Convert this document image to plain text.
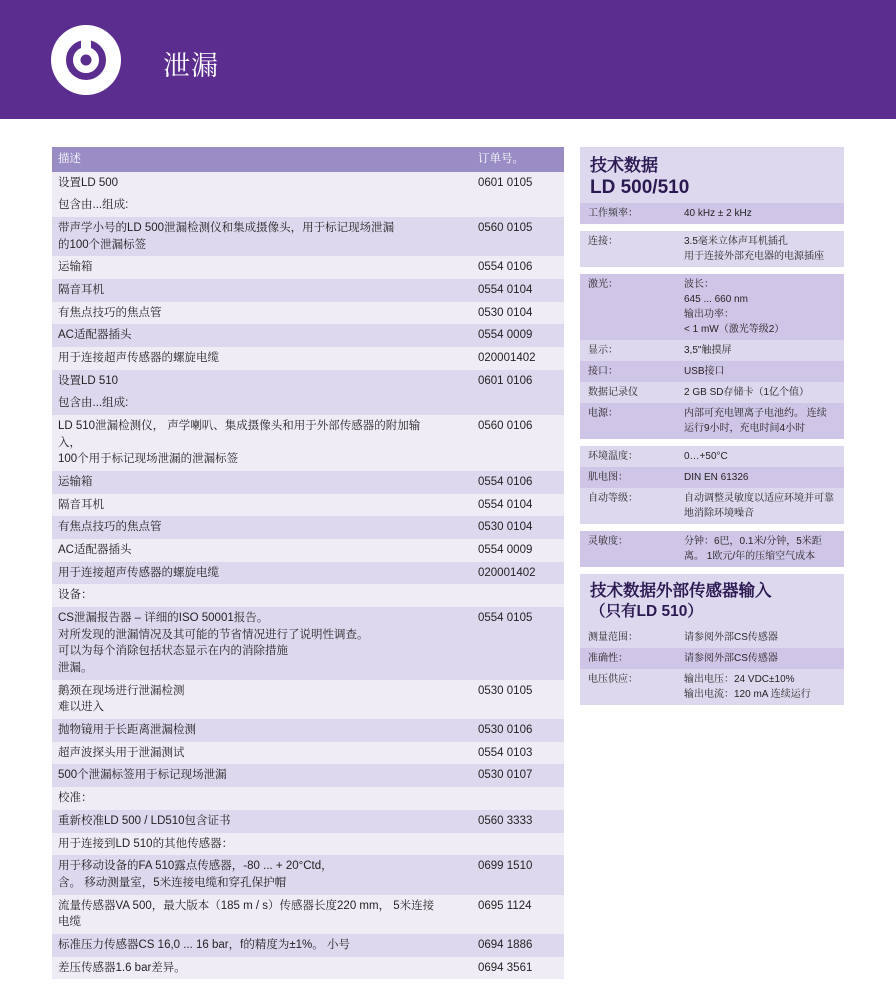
泄漏
描述	订单号。
设置LD 500	0601 0105
包含由...组成:	
带声学小号的LD 500泄漏检测仪和集成摄像头，用于标记现场泄漏
的100个泄漏标签	0560 0105
运输箱	0554 0106
隔音耳机	0554 0104
有焦点技巧的焦点管	0530 0104
AC适配器插头	0554 0009
用于连接超声传感器的螺旋电缆	020001402
设置LD 510	0601 0106
包含由...组成:	
LD 510泄漏检测仪， 声学喇叭、集成摄像头和用于外部传感器的附加输
入，
100个用于标记现场泄漏的泄漏标签	0560 0106
运输箱	0554 0106
隔音耳机	0554 0104
有焦点技巧的焦点管	0530 0104
AC适配器插头	0554 0009
用于连接超声传感器的螺旋电缆	020001402
设备：	
CS泄漏报告器 – 详细的ISO 50001报告。
对所发现的泄漏情况及其可能的节省情况进行了说明性调查。
可以为每个消除包括状态显示在内的消除措施
泄漏。	0554 0105
鹅颈在现场进行泄漏检测
难以进入	0530 0105
抛物镜用于长距离泄漏检测	0530 0106
超声波探头用于泄漏测试	0554 0103
500个泄漏标签用于标记现场泄漏	0530 0107
校准：	
重新校准LD 500 / LD510包含证书	0560 3333
用于连接到LD 510的其他传感器：	
用于移动设备的FA 510露点传感器，-80 ... + 20°Ctd，
含。 移动测量室，5米连接电缆和穿孔保护帽	0699 1510
流量传感器VA 500，最大版本（185 m / s）传感器长度220 mm， 5米连接
电缆	0695 1124
标准压力传感器CS 16,0 ... 16 bar，f的精度为±1%。 小号	0694 1886
差压传感器1.6 bar差异。	0694 3561
技术数据
LD 500/510
工作频率：	40 kHz ± 2 kHz

连接：	3.5毫米立体声耳机插孔
用于连接外部充电器的电源插座

激光：	波长：
645 ... 660 nm
输出功率：
< 1 mW（激光等级2）
显示：	3,5"触摸屏
接口：	USB接口
数据记录仪	2 GB SD存储卡（1亿个值）
电源：	内部可充电锂离子电池约。 连续运行9小时，充电时间4小时

环境温度：	0…+50°C
肌电图：	DIN EN 61326
自动等级：	自动调整灵敏度以适应环境并可靠地消除环境噪音

灵敏度：	分钟：6巴，0.1米/分钟，5米距离。 1欧元/年的压缩空气成本
技术数据外部传感器输入
（只有LD 510）
测量范围：	请参阅外部CS传感器
准确性：	请参阅外部CS传感器
电压供应：	输出电压：24 VDC±10%
输出电流：120 mA 连续运行
